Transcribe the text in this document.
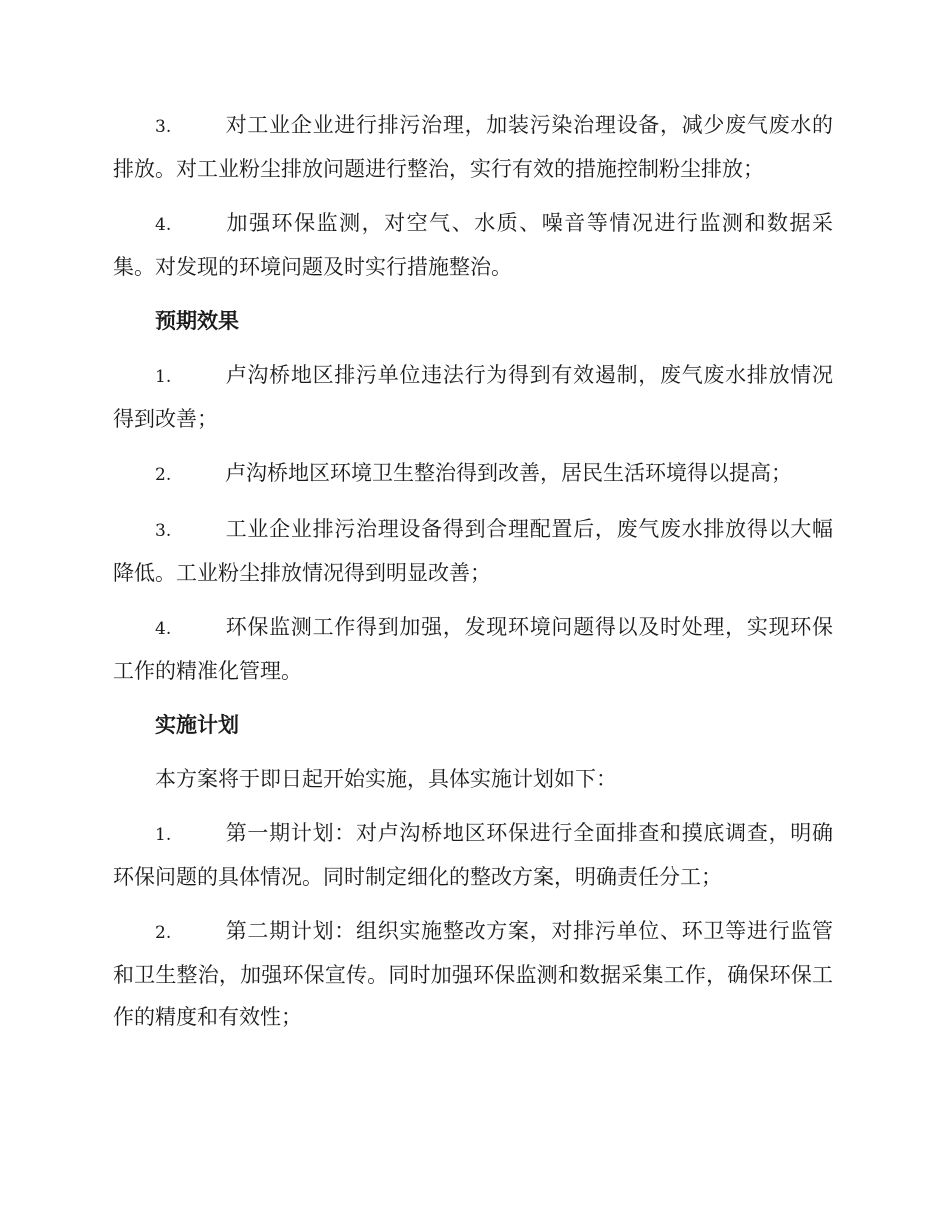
3.	对工业企业进行排污治理，加装污染治理设备，减少废气废水的排放。对工业粉尘排放问题进行整治，实行有效的措施控制粉尘排放；

4.	加强环保监测，对空气、水质、噪音等情况进行监测和数据采集。对发现的环境问题及时实行措施整治。

预期效果

1.	卢沟桥地区排污单位违法行为得到有效遏制，废气废水排放情况得到改善；

2.	卢沟桥地区环境卫生整治得到改善，居民生活环境得以提高；

3.	工业企业排污治理设备得到合理配置后，废气废水排放得以大幅降低。工业粉尘排放情况得到明显改善；

4.	环保监测工作得到加强，发现环境问题得以及时处理，实现环保工作的精准化管理。

实施计划

本方案将于即日起开始实施，具体实施计划如下：

1.	第一期计划：对卢沟桥地区环保进行全面排查和摸底调查，明确环保问题的具体情况。同时制定细化的整改方案，明确责任分工；

2.	第二期计划：组织实施整改方案，对排污单位、环卫等进行监管和卫生整治，加强环保宣传。同时加强环保监测和数据采集工作，确保环保工作的精度和有效性；
